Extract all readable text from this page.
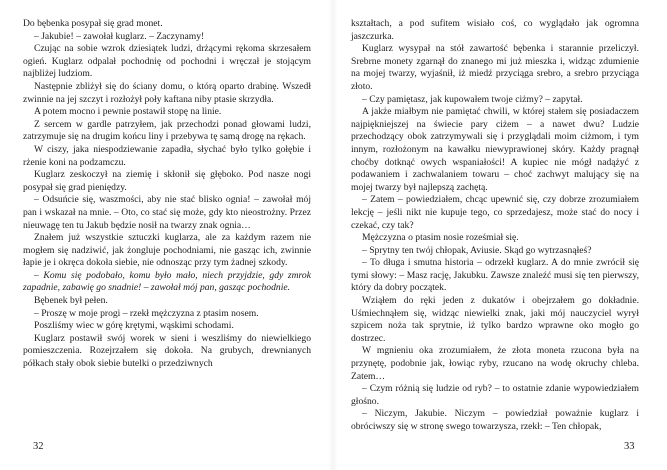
Do bębenka posypał się grad monet.

– Jakubie! – zawołał kuglarz. – Zaczynamy!

Czując na sobie wzrok dziesiątek ludzi, drżącymi rękoma skrzesałem ogień. Kuglarz odpalał pochodnię od pochodni i wręczał je stojącym najbliżej ludziom.

Następnie zbliżył się do ściany domu, o którą oparto drabinę. Wszedł zwinnie na jej szczyt i rozłożył poły kaftana niby ptasie skrzydła.

A potem mocno i pewnie postawił stopę na linie.

Z sercem w gardle patrzyłem, jak przechodzi ponad głowami ludzi, zatrzymuje się na drugim końcu liny i przebywa tę samą drogę na rękach.

W ciszy, jaka niespodziewanie zapadła, słychać było tylko gołębie i rżenie koni na podzamczu.

Kuglarz zeskoczył na ziemię i skłonił się głęboko. Pod nasze nogi posypał się grad pieniędzy.

– Odsuńcie się, waszmości, aby nie stać blisko ognia! – zawołał mój pan i wskazał na mnie. – Oto, co stać się może, gdy kto nieostrożny. Przez nieuwagę ten tu Jakub będzie nosił na twarzy znak ognia…

Znałem już wszystkie sztuczki kuglarza, ale za każdym razem nie mogłem się nadziwić, jak żongluje pochodniami, nie gasząc ich, zwinnie łapie je i okręca dokoła siebie, nie odnosząc przy tym żadnej szkody.

– Komu się podobało, komu było mało, niech przyjdzie, gdy zmrok zapadnie, zabawię go snadnie! – zawołał mój pan, gasząc pochodnie.

Bębenek był pełen.

– Proszę w moje progi – rzekł mężczyzna z ptasim nosem.

Poszliśmy wiec w górę krętymi, wąskimi schodami.

Kuglarz postawił swój worek w sieni i weszliśmy do niewielkiego pomieszczenia. Rozejrzałem się dokoła. Na grubych, drewnianych półkach stały obok siebie butelki o przedziwnych

kształtach, a pod sufitem wisiało coś, co wyglądało jak ogromna jaszczurka.

Kuglarz wysypał na stół zawartość bębenka i starannie przeliczył. Srebrne monety zgarnął do znanego mi już mieszka i, widząc zdumienie na mojej twarzy, wyjaśnił, iż miedź przyciąga srebro, a srebro przyciąga złoto.

– Czy pamiętasz, jak kupowałem twoje ciżmy? – zapytał.

A jakże miałbym nie pamiętać chwili, w której stałem się posiadaczem najpiękniejszej na świecie pary ciżem – a nawet dwu? Ludzie przechodzący obok zatrzymywali się i przyglądali moim ciżmom, i tym innym, rozłożonym na kawałku niewyprawionej skóry. Każdy pragnął choćby dotknąć owych wspaniałości! A kupiec nie mógł nadążyć z podawaniem i zachwalaniem towaru – choć zachwyt malujący się na mojej twarzy był najlepszą zachętą.

– Zatem – powiedziałem, chcąc upewnić się, czy dobrze zrozumiałem lekcję – jeśli nikt nie kupuje tego, co sprzedajesz, może stać do nocy i czekać, czy tak?

Mężczyzna o ptasim nosie roześmiał się.

– Sprytny ten twój chłopak, Aviusie. Skąd go wytrzasnąłeś?

– To długa i smutna historia – odrzekł kuglarz. A do mnie zwrócił się tymi słowy: – Masz rację, Jakubku. Zawsze znaleźć musi się ten pierwszy, który da dobry początek.

Wziąłem do ręki jeden z dukatów i obejrzałem go dokładnie. Uśmiechnąłem się, widząc niewielki znak, jaki mój nauczyciel wyrył szpicem noża tak sprytnie, iż tylko bardzo wprawne oko mogło go dostrzec.

W mgnieniu oka zrozumiałem, że złota moneta rzucona była na przynętę, podobnie jak, łowiąc ryby, rzucano na wodę okruchy chleba. Zatem…

– Czym różnią się ludzie od ryb? – to ostatnie zdanie wypowiedziałem głośno.

– Niczym, Jakubie. Niczym – powiedział poważnie kuglarz i obróciwszy się w stronę swego towarzysza, rzekł: – Ten chłopak,

32	33
